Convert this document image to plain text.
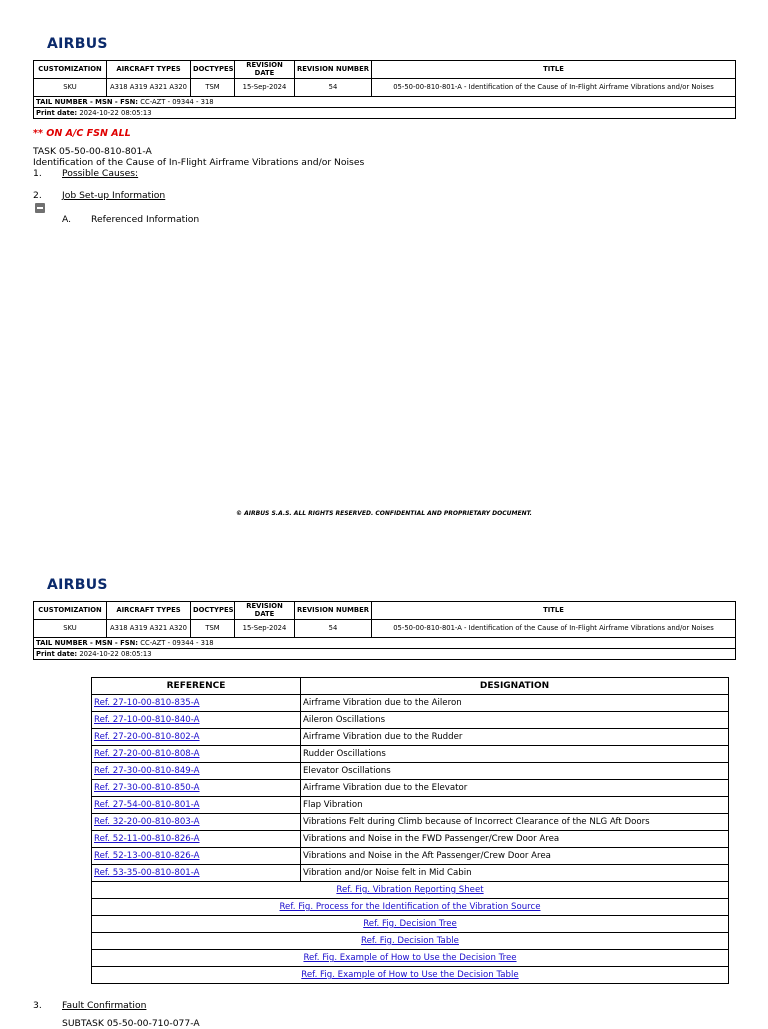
AIRBUS
CUSTOMIZATION	AIRCRAFT TYPES	DOCTYPES	REVISION DATE	REVISION NUMBER	TITLE
SKU	A318 A319 A321 A320	TSM	15-Sep-2024	54	05-50-00-810-801-A - Identification of the Cause of In-Flight Airframe Vibrations and/or Noises
TAIL NUMBER - MSN - FSN: CC-AZT - 09344 - 318					
Print date: 2024-10-22 08:05:13					
** ON A/C FSN ALL
TASK 05-50-00-810-801-A
Identification of the Cause of In-Flight Airframe Vibrations and/or Noises
1. Possible Causes:
2. Job Set-up Information
A. Referenced Information
© AIRBUS S.A.S. ALL RIGHTS RESERVED. CONFIDENTIAL AND PROPRIETARY DOCUMENT.
AIRBUS
CUSTOMIZATION	AIRCRAFT TYPES	DOCTYPES	REVISION DATE	REVISION NUMBER	TITLE
SKU	A318 A319 A321 A320	TSM	15-Sep-2024	54	05-50-00-810-801-A - Identification of the Cause of In-Flight Airframe Vibrations and/or Noises
TAIL NUMBER - MSN - FSN: CC-AZT - 09344 - 318					
Print date: 2024-10-22 08:05:13					
REFERENCE	DESIGNATION
Ref. 27-10-00-810-835-A	Airframe Vibration due to the Aileron
Ref. 27-10-00-810-840-A	Aileron Oscillations
Ref. 27-20-00-810-802-A	Airframe Vibration due to the Rudder
Ref. 27-20-00-810-808-A	Rudder Oscillations
Ref. 27-30-00-810-849-A	Elevator Oscillations
Ref. 27-30-00-810-850-A	Airframe Vibration due to the Elevator
Ref. 27-54-00-810-801-A	Flap Vibration
Ref. 32-20-00-810-803-A	Vibrations Felt during Climb because of Incorrect Clearance of the NLG Aft Doors
Ref. 52-11-00-810-826-A	Vibrations and Noise in the FWD Passenger/Crew Door Area
Ref. 52-13-00-810-826-A	Vibrations and Noise in the Aft Passenger/Crew Door Area
Ref. 53-35-00-810-801-A	Vibration and/or Noise felt in Mid Cabin
Ref. Fig. Vibration Reporting Sheet	
Ref. Fig. Process for the Identification of the Vibration Source	
Ref. Fig. Decision Tree	
Ref. Fig. Decision Table	
Ref. Fig. Example of How to Use the Decision Tree	
Ref. Fig. Example of How to Use the Decision Table	
3. Fault Confirmation
SUBTASK 05-50-00-710-077-A
